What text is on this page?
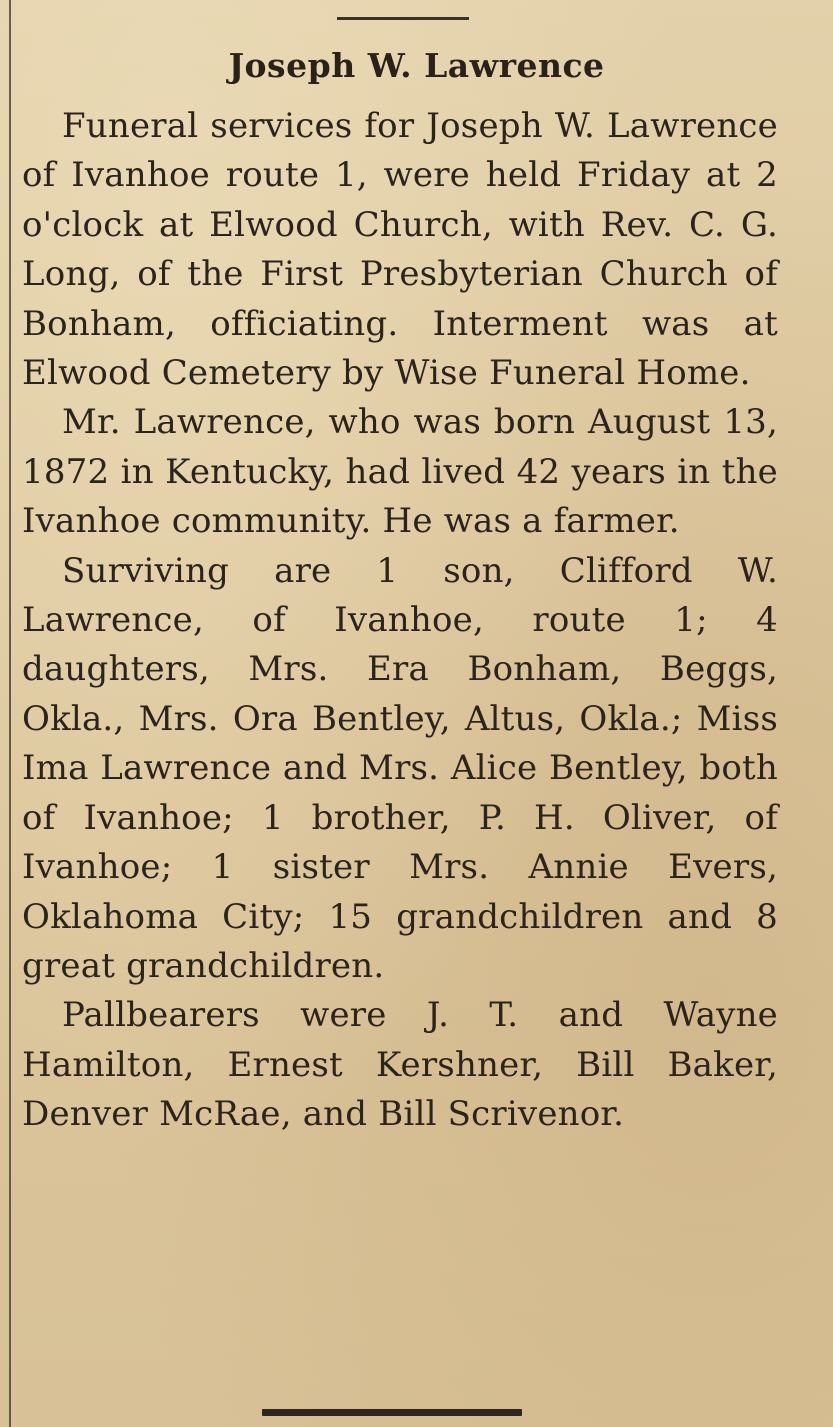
Joseph W. Lawrence

Funeral services for Joseph W. Lawrence of Ivanhoe route 1, were held Friday at 2 o'clock at Elwood Church, with Rev. C. G. Long, of the First Presbyterian Church of Bonham, officiating. Interment was at Elwood Cemetery by Wise Funeral Home.

Mr. Lawrence, who was born August 13, 1872 in Kentucky, had lived 42 years in the Ivanhoe community. He was a farmer.

Surviving are 1 son, Clifford W. Lawrence, of Ivanhoe, route 1; 4 daughters, Mrs. Era Bonham, Beggs, Okla., Mrs. Ora Bentley, Altus, Okla.; Miss Ima Lawrence and Mrs. Alice Bentley, both of Ivanhoe; 1 brother, P. H. Oliver, of Ivanhoe; 1 sister Mrs. Annie Evers, Oklahoma City; 15 grandchildren and 8 great grandchildren.

Pallbearers were J. T. and Wayne Hamilton, Ernest Kershner, Bill Baker, Denver McRae, and Bill Scrivenor.
